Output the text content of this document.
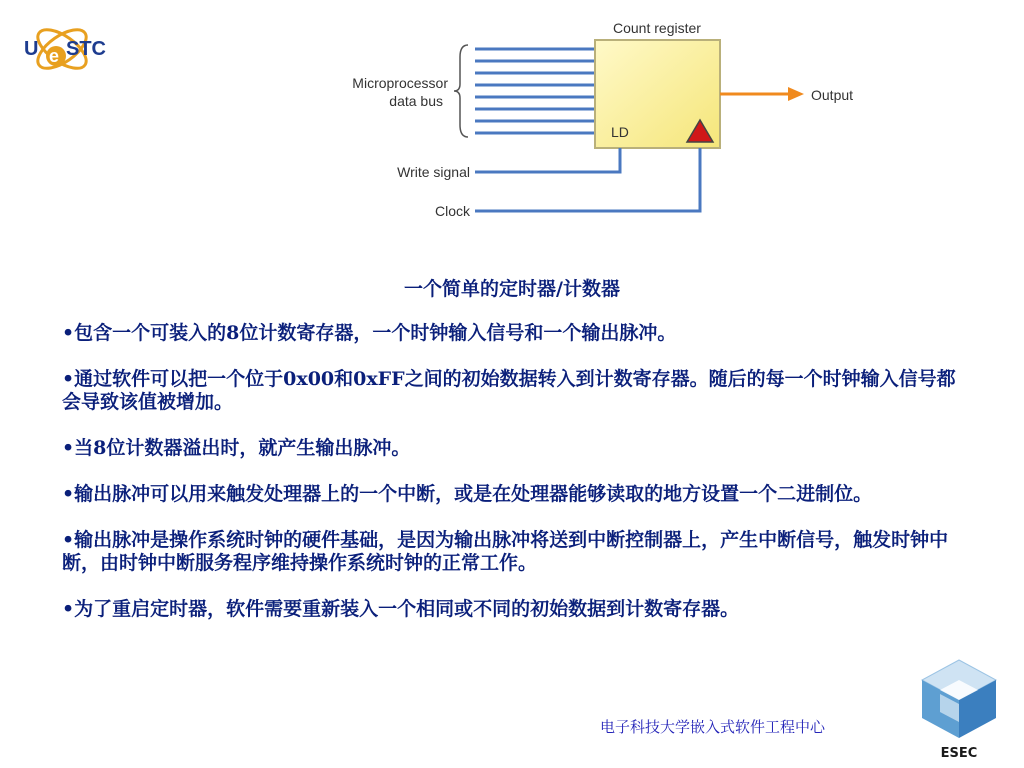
U e STC
Count register
Microprocessor
data bus
Write signal
Clock
Output
LD
一个简单的定时器/计数器
•包含一个可装入的8位计数寄存器，一个时钟输入信号和一个输出脉冲。
•通过软件可以把一个位于0x00和0xFF之间的初始数据转入到计数寄存器。随后的每一个时钟输入信号都会导致该值被增加。
•当8位计数器溢出时，就产生输出脉冲。
•输出脉冲可以用来触发处理器上的一个中断，或是在处理器能够读取的地方设置一个二进制位。
•输出脉冲是操作系统时钟的硬件基础，是因为输出脉冲将送到中断控制器上，产生中断信号，触发时钟中断，由时钟中断服务程序维持操作系统时钟的正常工作。
•为了重启定时器，软件需要重新装入一个相同或不同的初始数据到计数寄存器。
电子科技大学嵌入式软件工程中心
ESEC
